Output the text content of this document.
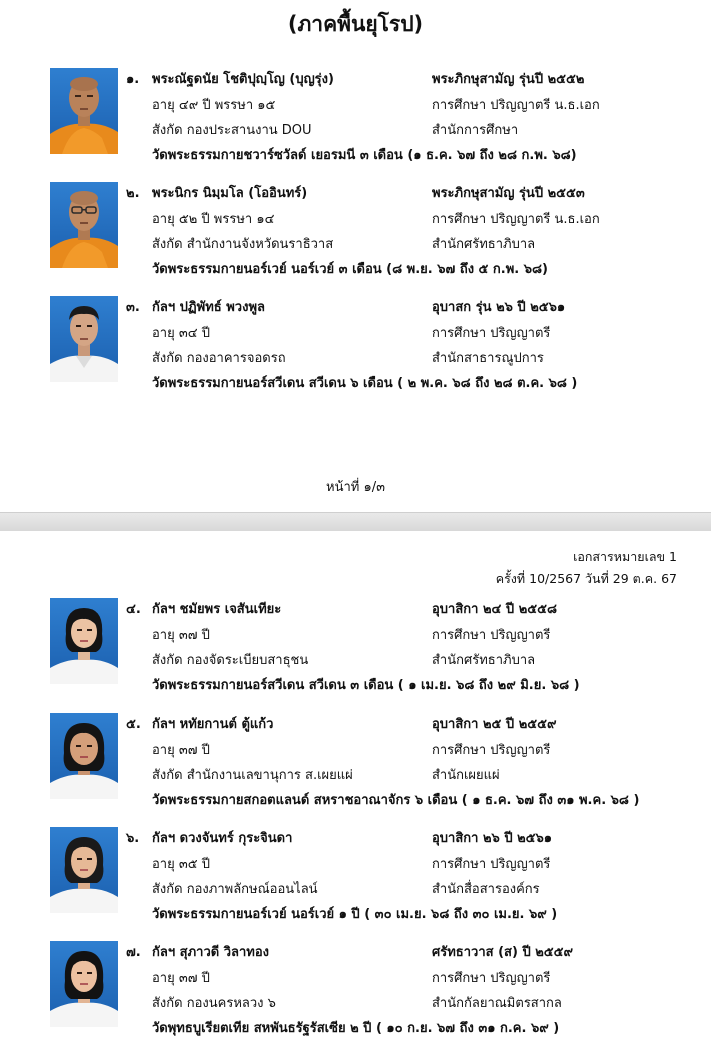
(ภาคพื้นยุโรป)
๑. พระณัฐดนัย โชติปุญฺโญ (บุญรุ่ง)	พระภิกษุสามัญ รุ่นปี ๒๕๕๒
อายุ ๔๙ ปี พรรษา ๑๕	การศึกษา ปริญญาตรี น.ธ.เอก
สังกัด กองประสานงาน DOU	สำนักการศึกษา
วัดพระธรรมกายชวาร์ซวัลด์ เยอรมนี ๓ เดือน (๑ ธ.ค. ๖๗ ถึง ๒๘ ก.พ. ๖๘)
๒. พระนิกร นิมฺมโล (โออินทร์)	พระภิกษุสามัญ รุ่นปี ๒๕๕๓
อายุ ๕๒ ปี พรรษา ๑๔	การศึกษา ปริญญาตรี น.ธ.เอก
สังกัด สำนักงานจังหวัดนราธิวาส	สำนักศรัทธาภิบาล
วัดพระธรรมกายนอร์เวย์ นอร์เวย์ ๓ เดือน (๘ พ.ย. ๖๗ ถึง ๕ ก.พ. ๖๘)
๓. กัลฯ ปฏิพัทธ์ พวงพูล	อุบาสก รุ่น ๒๖ ปี ๒๕๖๑
อายุ ๓๔ ปี	การศึกษา ปริญญาตรี
สังกัด กองอาคารจอดรถ	สำนักสาธารณูปการ
วัดพระธรรมกายนอร์สวีเดน สวีเดน ๖ เดือน ( ๒ พ.ค. ๖๘ ถึง ๒๘ ต.ค. ๖๘ )
หน้าที่ ๑/๓
เอกสารหมายเลข 1
ครั้งที่ 10/2567 วันที่ 29 ต.ค. 67
๔. กัลฯ ชมัยพร เจสันเทียะ	อุบาสิกา ๒๔ ปี ๒๕๕๘
อายุ ๓๗ ปี	การศึกษา ปริญญาตรี
สังกัด กองจัดระเบียบสาธุชน	สำนักศรัทธาภิบาล
วัดพระธรรมกายนอร์สวีเดน สวีเดน ๓ เดือน ( ๑ เม.ย. ๖๘ ถึง ๒๙ มิ.ย. ๖๘ )
๕. กัลฯ หทัยกานต์ ตู้แก้ว	อุบาสิกา ๒๕ ปี ๒๕๕๙
อายุ ๓๗ ปี	การศึกษา ปริญญาตรี
สังกัด สำนักงานเลขานุการ ส.เผยแผ่	สำนักเผยแผ่
วัดพระธรรมกายสกอตแลนด์ สหราชอาณาจักร ๖ เดือน ( ๑ ธ.ค. ๖๗ ถึง ๓๑ พ.ค. ๖๘ )
๖. กัลฯ ดวงจันทร์ กุระจินดา	อุบาสิกา ๒๖ ปี ๒๕๖๑
อายุ ๓๕ ปี	การศึกษา ปริญญาตรี
สังกัด กองภาพลักษณ์ออนไลน์	สำนักสื่อสารองค์กร
วัดพระธรรมกายนอร์เวย์ นอร์เวย์ ๑ ปี ( ๓๐ เม.ย. ๖๘ ถึง ๓๐ เม.ย. ๖๙ )
๗. กัลฯ สุภาวดี วิลาทอง	ศรัทธาวาส (ส) ปี ๒๕๕๙
อายุ ๓๗ ปี	การศึกษา ปริญญาตรี
สังกัด กองนครหลวง ๖	สำนักกัลยาณมิตรสากล
วัดพุทธบูเรียตเทีย สหพันธรัฐรัสเซีย ๒ ปี ( ๑๐ ก.ย. ๖๗ ถึง ๓๑ ก.ค. ๖๙ )
